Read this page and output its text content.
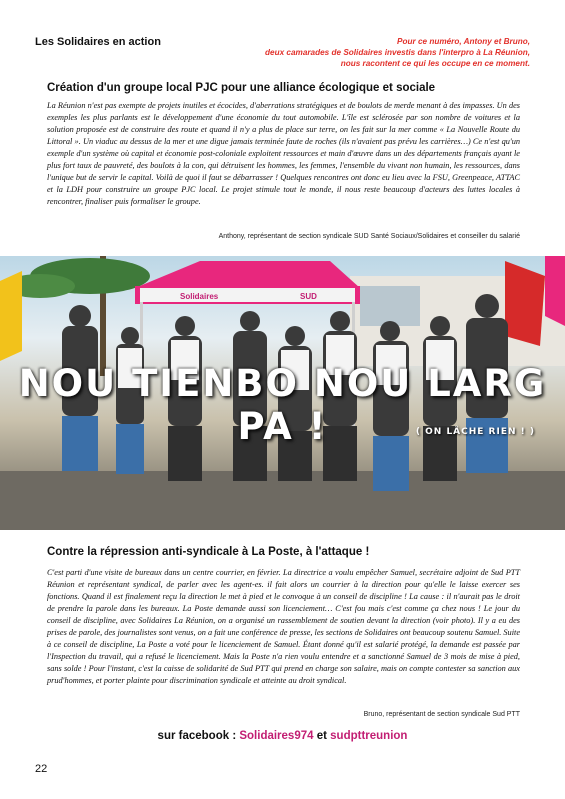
Les Solidaires en action	Pour ce numéro, Antony et Bruno,
deux camarades de Solidaires investis dans l'interpro à La Réunion,
nous racontent ce qui les occupe en ce moment.
Création d'un groupe local PJC pour une alliance écologique et sociale
La Réunion n'est pas exempte de projets inutiles et écocides, d'aberrations stratégiques et de boulots de merde menant à des impasses. Un des exemples les plus parlants est le développement d'une économie du tout automobile. L'île est sclérosée par son nombre de voitures et la solution proposée est de construire des route et quand il n'y a plus de place sur terre, on les fait sur la mer comme « La Nouvelle Route du Littoral ». Un viaduc au dessus de la mer et une digue jamais terminée faute de roches (ils n'avaient pas prévu les carrières…) Ce n'est qu'un exemple d'un système où capital et économie post-coloniale exploitent ressources et main d'œuvre dans un des départements français ayant le plus fort taux de pauvreté, des boulots à la con, qui détruisent les hommes, les femmes, l'ensemble du vivant non humain, les ressources, dans l'unique but de servir le capital. Voilà de quoi il faut se débarrasser ! Quelques rencontres ont donc eu lieu avec la FSU, Greenpeace, ATTAC et la LDH pour construire un groupe PJC local. Le projet stimule tout le monde, il nous reste beaucoup d'acteurs des luttes locales à rencontrer, finaliser puis formaliser le groupe.
Anthony, représentant de section syndicale SUD Santé Sociaux/Solidaires et conseiller du salarié
Solidaires	SUD
NOU TIENBO NOU LARG PA !	( ON LÂCHE RIEN ! )
Contre la répression anti-syndicale à La Poste, à l'attaque !
C'est parti d'une visite de bureaux dans un centre courrier, en février. La directrice a voulu empêcher Samuel, secrétaire adjoint de Sud PTT Réunion et représentant syndical, de parler avec les agent-es. il fait alors un courrier à la direction pour qu'elle le laisse exercer ses fonctions. Quand il est finalement reçu la direction le met à pied et le convoque à un conseil de discipline ! La cause : il n'aurait pas le droit de prendre la parole dans les bureaux. La Poste demande aussi son licenciement… C'est fou mais c'est comme ça chez nous ! Le jour du conseil de discipline, avec Solidaires La Réunion, on a organisé un rassemblement de soutien devant la direction (voir photo). Il y a eu des prises de parole, des journalistes sont venus, on a fait une conférence de presse, les sections de Solidaires ont beaucoup soutenu Samuel. Suite à ce conseil de discipline, La Poste a voté pour le licenciement de Samuel. Étant donné qu'il est salarié protégé, la demande est passée par l'Inspection du travail, qui a refusé le licenciement. Mais la Poste n'a rien voulu entendre et a sanctionné Samuel de 3 mois de mise à pied, sans solde ! Pour l'instant, c'est la caisse de solidarité de Sud PTT qui prend en charge son salaire, mais on compte contester sa sanction aux prud'hommes, et porter plainte pour discrimination syndicale et atteinte au droit syndical.
Bruno, représentant de section syndicale Sud PTT
sur facebook : Solidaires974 et sudpttreunion
22
